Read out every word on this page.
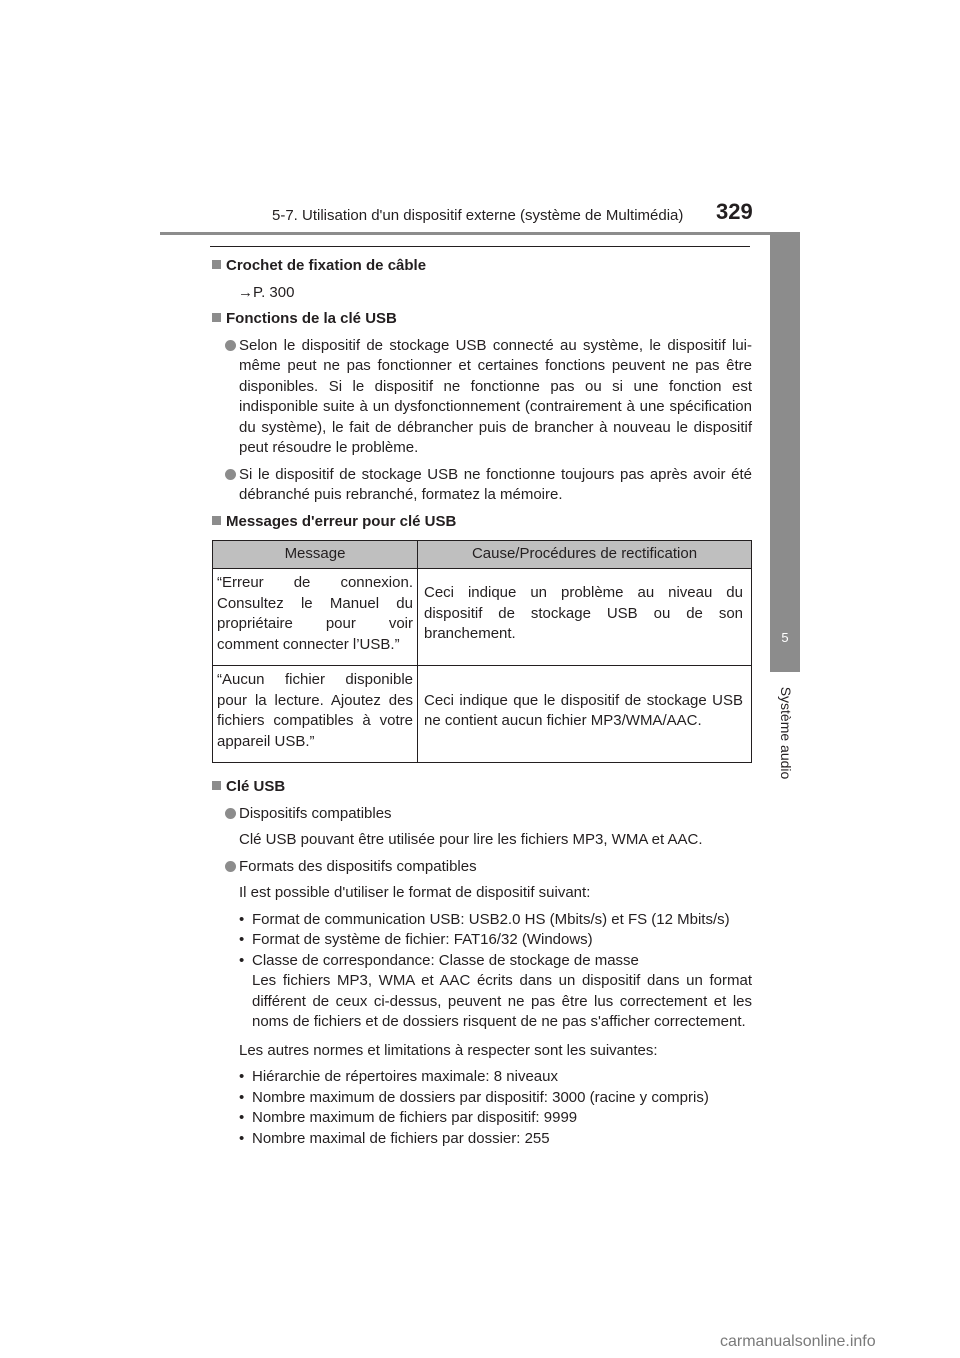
5-7. Utilisation d'un dispositif externe (système de Multimédia) 329
5
Système audio
Crochet de fixation de câble
→P. 300
Fonctions de la clé USB
Selon le dispositif de stockage USB connecté au système, le dispositif lui-même peut ne pas fonctionner et certaines fonctions peuvent ne pas être disponibles. Si le dispositif ne fonctionne pas ou si une fonction est indisponible suite à un dysfonctionnement (contrairement à une spécification du système), le fait de débrancher puis de brancher à nouveau le dispositif peut résoudre le problème.
Si le dispositif de stockage USB ne fonctionne toujours pas après avoir été débranché puis rebranché, formatez la mémoire.
Messages d'erreur pour clé USB
Message	Cause/Procédures de rectification
“Erreur de connexion. Consultez le Manuel du propriétaire pour voir comment connecter l’USB.”	Ceci indique un problème au niveau du dispositif de stockage USB ou de son branchement.
“Aucun fichier disponible pour la lecture. Ajoutez des fichiers compatibles à votre appareil USB.”	Ceci indique que le dispositif de stockage USB ne contient aucun fichier MP3/WMA/AAC.
Clé USB
Dispositifs compatibles
Clé USB pouvant être utilisée pour lire les fichiers MP3, WMA et AAC.
Formats des dispositifs compatibles
Il est possible d'utiliser le format de dispositif suivant:
• Format de communication USB: USB2.0 HS (Mbits/s) et FS (12 Mbits/s)
• Format de système de fichier: FAT16/32 (Windows)
• Classe de correspondance: Classe de stockage de masse
Les fichiers MP3, WMA et AAC écrits dans un dispositif dans un format différent de ceux ci-dessus, peuvent ne pas être lus correctement et les noms de fichiers et de dossiers risquent de ne pas s'afficher correctement.
Les autres normes et limitations à respecter sont les suivantes:
• Hiérarchie de répertoires maximale: 8 niveaux
• Nombre maximum de dossiers par dispositif: 3000 (racine y compris)
• Nombre maximum de fichiers par dispositif: 9999
• Nombre maximal de fichiers par dossier: 255
carmanualsonline.info
